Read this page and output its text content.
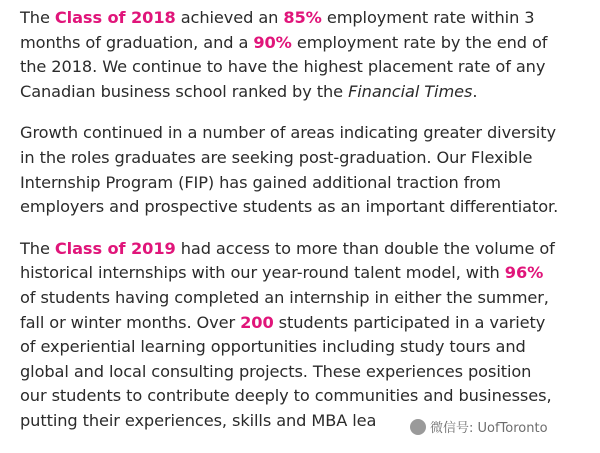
The Class of 2018 achieved an 85% employment rate within 3
months of graduation, and a 90% employment rate by the end of
the 2018. We continue to have the highest placement rate of any
Canadian business school ranked by the Financial Times.

Growth continued in a number of areas indicating greater diversity
in the roles graduates are seeking post-graduation. Our Flexible
Internship Program (FIP) has gained additional traction from
employers and prospective students as an important differentiator.

The Class of 2019 had access to more than double the volume of
historical internships with our year-round talent model, with 96%
of students having completed an internship in either the summer,
fall or winter months. Over 200 students participated in a variety
of experiential learning opportunities including study tours and
global and local consulting projects. These experiences position
our students to contribute deeply to communities and businesses,
putting their experiences, skills and MBA lea	微信号: UofToronto
